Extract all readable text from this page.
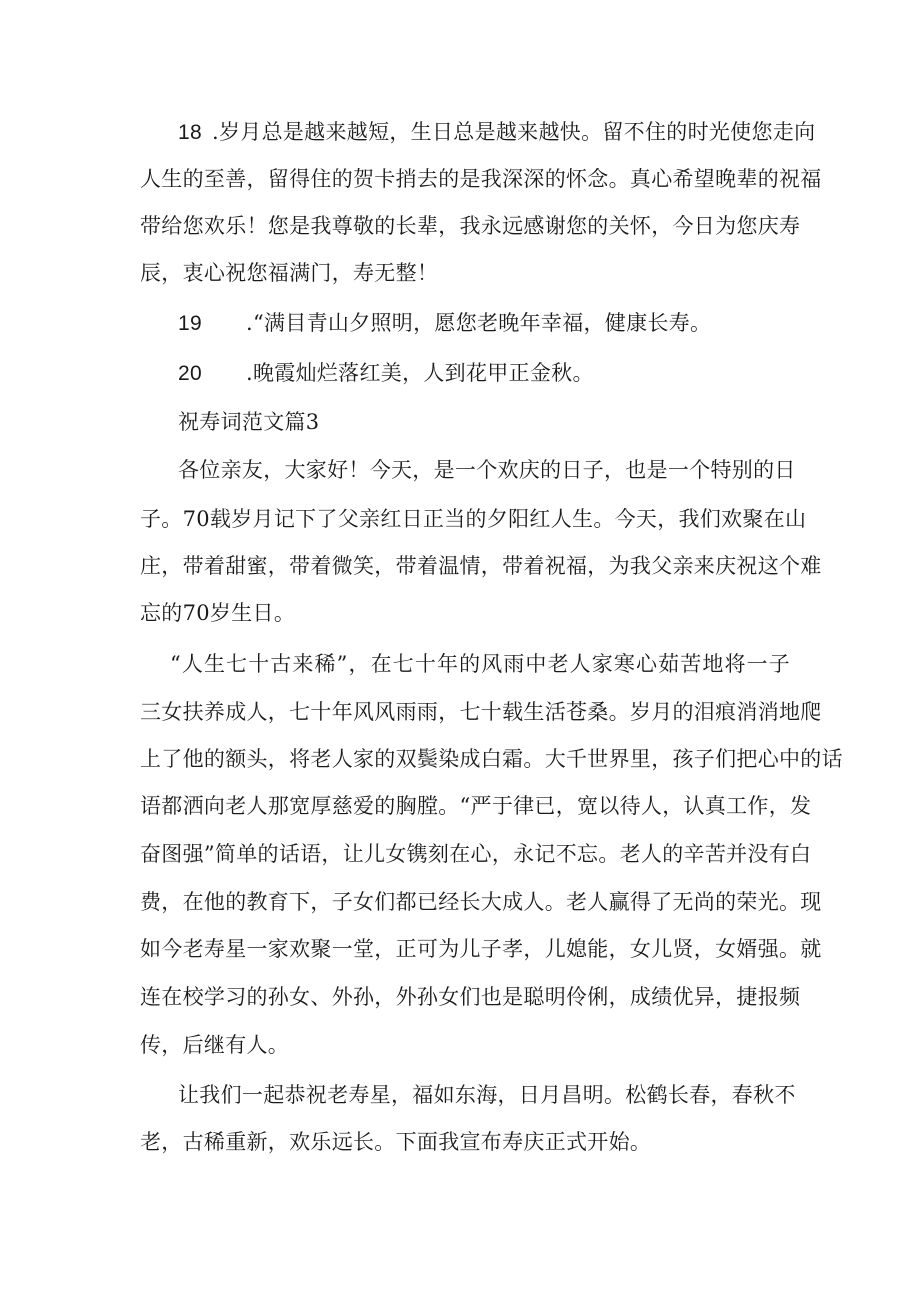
18 .岁月总是越来越短，生日总是越来越快。留不住的时光使您走向
人生的至善，留得住的贺卡捎去的是我深深的怀念。真心希望晚辈的祝福
带给您欢乐！您是我尊敬的长辈，我永远感谢您的关怀，今日为您庆寿
辰，衷心祝您福满门，寿无整！
19 .“满目青山夕照明，愿您老晚年幸福，健康长寿。
20 .晚霞灿烂落红美，人到花甲正金秋。
祝寿词范文篇3
各位亲友，大家好！今天，是一个欢庆的日子，也是一个特别的日
子。70载岁月记下了父亲红日正当的夕阳红人生。今天，我们欢聚在山
庄，带着甜蜜，带着微笑，带着温情，带着祝福，为我父亲来庆祝这个难
忘的70岁生日。
“人生七十古来稀”，在七十年的风雨中老人家寒心茹苦地将一子
三女扶养成人，七十年风风雨雨，七十载生活苍桑。岁月的泪痕消消地爬
上了他的额头，将老人家的双鬓染成白霜。大千世界里，孩子们把心中的话
语都洒向老人那宽厚慈爱的胸膛。“严于律已，宽以待人，认真工作，发
奋图强”简单的话语，让儿女镌刻在心，永记不忘。老人的辛苦并没有白
费，在他的教育下，子女们都已经长大成人。老人赢得了无尚的荣光。现
如今老寿星一家欢聚一堂，正可为儿子孝，儿媳能，女儿贤，女婿强。就
连在校学习的孙女、外孙，外孙女们也是聪明伶俐，成绩优异，捷报频
传，后继有人。
让我们一起恭祝老寿星，福如东海，日月昌明。松鹤长春，春秋不
老，古稀重新，欢乐远长。下面我宣布寿庆正式开始。
